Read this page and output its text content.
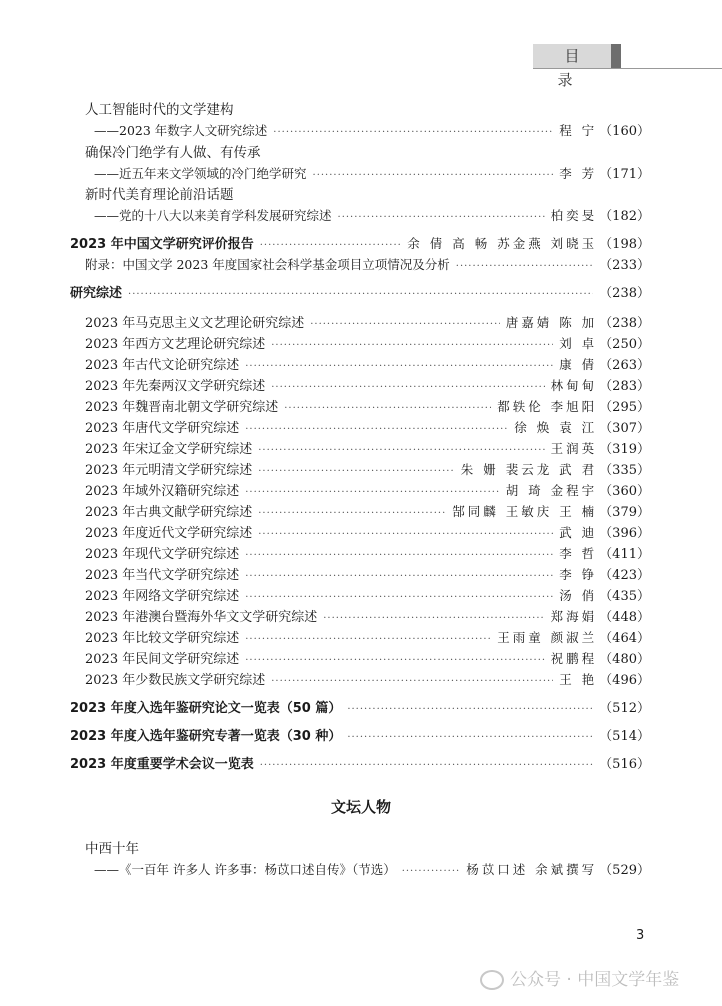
目 录
人工智能时代的文学建构
——2023 年数字人文研究综述 ·····	程 宁 （160）
确保冷门绝学有人做、有传承
——近五年来文学领域的冷门绝学研究 ·····	李 芳 （171）
新时代美育理论前沿话题
——党的十八大以来美育学科发展研究综述 ·····	柏奕旻 （182）
2023 年中国文学研究评价报告 ·····	余 倩 高 畅 苏金燕 刘晓玉 （198）
附录：中国文学 2023 年度国家社会科学基金项目立项情况及分析 ·····	（233）
研究综述 ·····	（238）
2023 年马克思主义文艺理论研究综述 ·····	唐嘉婧 陈 加 （238）
2023 年西方文艺理论研究综述 ·····	刘 卓 （250）
2023 年古代文论研究综述 ·····	康 倩 （263）
2023 年先秦两汉文学研究综述 ·····	林甸甸 （283）
2023 年魏晋南北朝文学研究综述 ·····	都轶伦 李旭阳 （295）
2023 年唐代文学研究综述 ·····	徐 焕 袁 江 （307）
2023 年宋辽金文学研究综述 ·····	王润英 （319）
2023 年元明清文学研究综述 ·····	朱 姗 裴云龙 武 君 （335）
2023 年域外汉籍研究综述 ·····	胡 琦 金程宇 （360）
2023 年古典文献学研究综述 ·····	郜同麟 王敏庆 王 楠 （379）
2023 年度近代文学研究综述 ·····	武 迪 （396）
2023 年现代文学研究综述 ·····	李 哲 （411）
2023 年当代文学研究综述 ·····	李 铮 （423）
2023 年网络文学研究综述 ·····	汤 俏 （435）
2023 年港澳台暨海外华文文学研究综述 ·····	郑海娟 （448）
2023 年比较文学研究综述 ·····	王雨童 颜淑兰 （464）
2023 年民间文学研究综述 ·····	祝鹏程 （480）
2023 年少数民族文学研究综述 ·····	王 艳 （496）
2023 年度入选年鉴研究论文一览表（50 篇） ·····	（512）
2023 年度入选年鉴研究专著一览表（30 种） ·····	（514）
2023 年度重要学术会议一览表 ·····	（516）
文坛人物
中西十年
——《一百年 许多人 许多事：杨苡口述自传》（节选） ·····	杨苡口述 余斌撰写 （529）
3
公众号 · 中国文学年鉴
